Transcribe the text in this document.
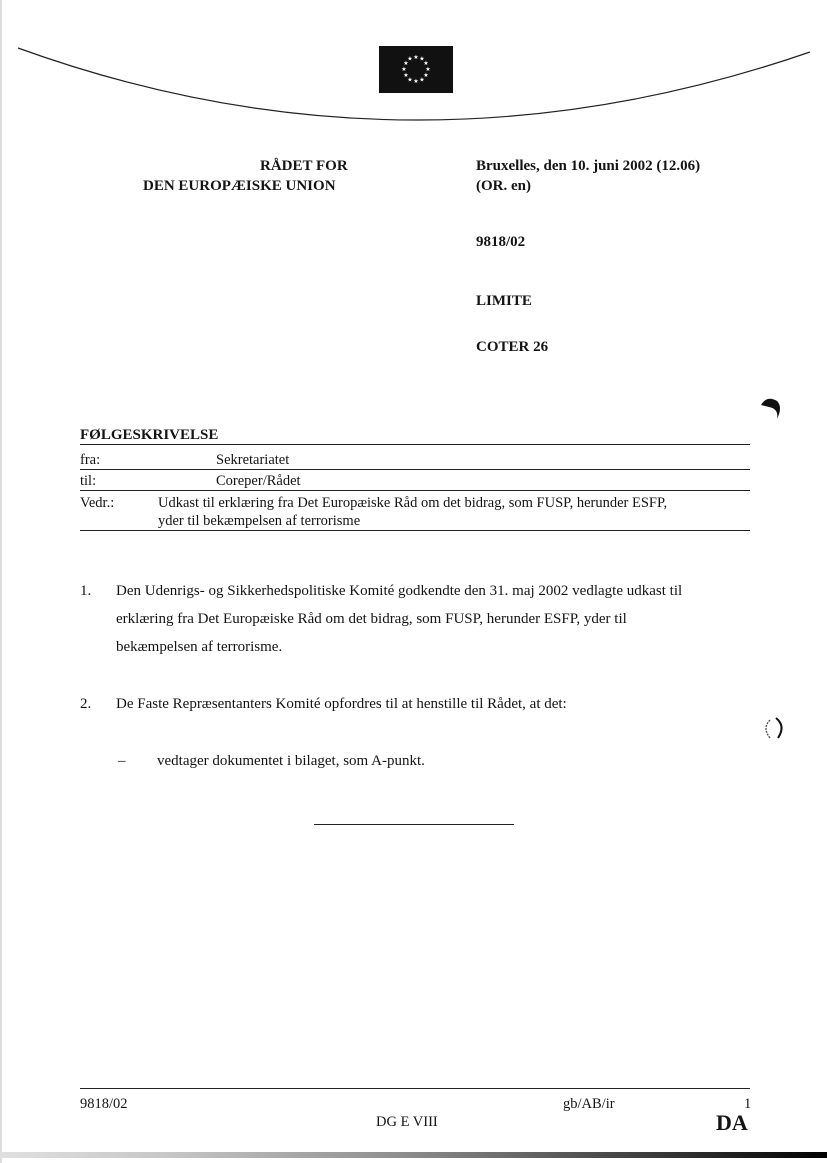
★ ★
★
★
★
★
★
★
★
★
★
★
RÅDET FOR
DEN EUROPÆISKE UNION
Bruxelles, den 10. juni 2002 (12.06)
(OR. en)
9818/02
LIMITE
COTER 26
FØLGESKRIVELSE
fra:	Sekretariatet
til:	Coreper/Rådet
Vedr.:	Udkast til erklæring fra Det Europæiske Råd om det bidrag, som FUSP, herunder ESFP,
yder til bekæmpelsen af terrorisme
1. Den Udenrigs- og Sikkerhedspolitiske Komité godkendte den 31. maj 2002 vedlagte udkast til
erklæring fra Det Europæiske Råd om det bidrag, som FUSP, herunder ESFP, yder til
bekæmpelsen af terrorisme.
2. De Faste Repræsentanters Komité opfordres til at henstille til Rådet, at det:
– vedtager dokumentet i bilaget, som A-punkt.
9818/02	gb/AB/ir	1
DG E VIII	DA
